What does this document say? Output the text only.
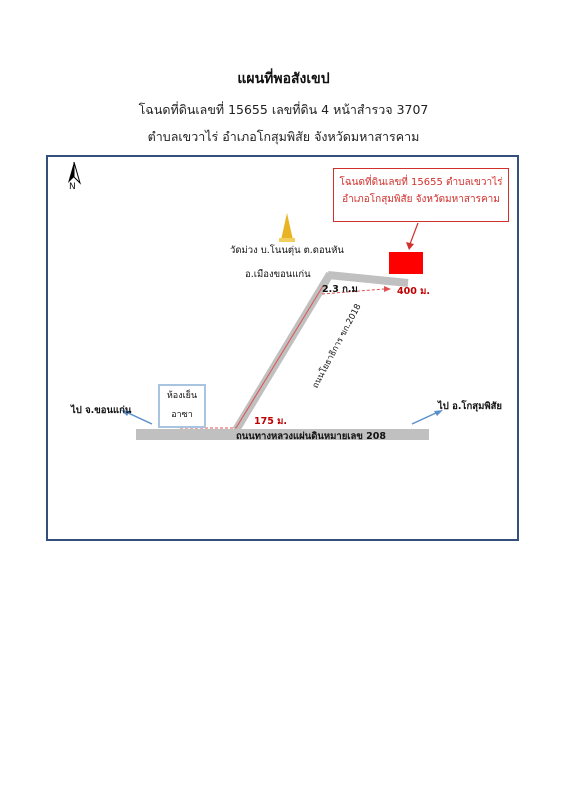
แผนที่พอสังเขป
โฉนดที่ดินเลขที่ 15655 เลขที่ดิน 4 หน้าสำรวจ 3707
ตำบลเขวาไร่ อำเภอโกสุมพิสัย จังหวัดมหาสารคาม
N	โฉนดที่ดินเลขที่ 15655 ตำบลเขวาไร่
อำเภอโกสุมพิสัย จังหวัดมหาสารคาม
วัดม่วง บ.โนนตุ่น ต.ดอนหัน
อ.เมืองขอนแก่น
2.3 ก.ม	400 ม.
175 ม.
ห้องเย็น
อาซา
ไป จ.ขอนแก่น	ไป อ.โกสุมพิสัย
ถนนทางหลวงแผ่นดินหมายเลข 208
ถนนโยธาธิการ ขก.2018
